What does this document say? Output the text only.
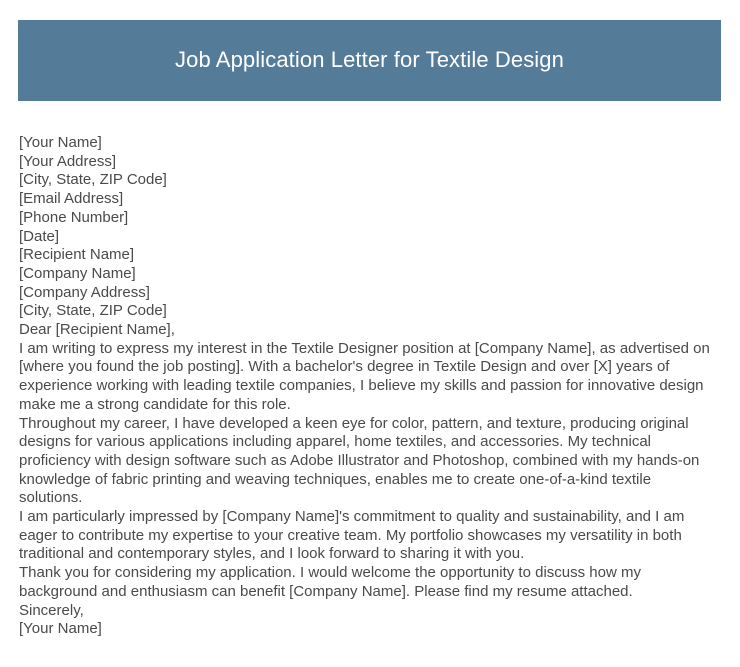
Job Application Letter for Textile Design
[Your Name]
[Your Address]
[City, State, ZIP Code]
[Email Address]
[Phone Number]
[Date]
[Recipient Name]
[Company Name]
[Company Address]
[City, State, ZIP Code]
Dear [Recipient Name],

I am writing to express my interest in the Textile Designer position at [Company Name], as advertised on [where you found the job posting]. With a bachelor's degree in Textile Design and over [X] years of experience working with leading textile companies, I believe my skills and passion for innovative design make me a strong candidate for this role.

Throughout my career, I have developed a keen eye for color, pattern, and texture, producing original designs for various applications including apparel, home textiles, and accessories. My technical proficiency with design software such as Adobe Illustrator and Photoshop, combined with my hands-on knowledge of fabric printing and weaving techniques, enables me to create one-of-a-kind textile solutions.

I am particularly impressed by [Company Name]'s commitment to quality and sustainability, and I am eager to contribute my expertise to your creative team. My portfolio showcases my versatility in both traditional and contemporary styles, and I look forward to sharing it with you.

Thank you for considering my application. I would welcome the opportunity to discuss how my background and enthusiasm can benefit [Company Name]. Please find my resume attached.

Sincerely,
[Your Name]
